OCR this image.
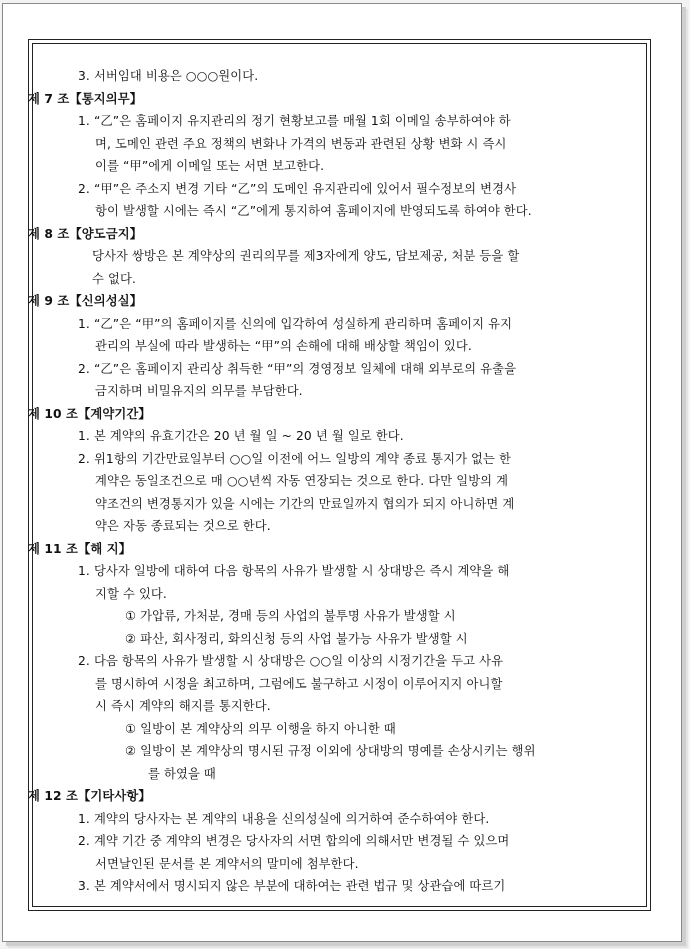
3. 서버임대 비용은 ○○○원이다.
제 7 조【통지의무】
1. “乙”은 홈페이지 유지관리의 정기 현황보고를 매월 1회 이메일 송부하여야 하
며, 도메인 관련 주요 정책의 변화나 가격의 변동과 관련된 상황 변화 시 즉시
이를 “甲”에게 이메일 또는 서면 보고한다.
2. “甲”은 주소지 변경 기타 “乙”의 도메인 유지관리에 있어서 필수정보의 변경사
항이 발생할 시에는 즉시 “乙”에게 통지하여 홈페이지에 반영되도록 하여야 한다.
제 8 조【양도금지】
당사자 쌍방은 본 계약상의 권리의무를 제3자에게 양도, 담보제공, 처분 등을 할
수 없다.
제 9 조【신의성실】
1. “乙”은 “甲”의 홈페이지를 신의에 입각하여 성실하게 관리하며 홈페이지 유지
관리의 부실에 따라 발생하는 “甲”의 손해에 대해 배상할 책임이 있다.
2. “乙”은 홈페이지 관리상 취득한 “甲”의 경영정보 일체에 대해 외부로의 유출을
금지하며 비밀유지의 의무를 부담한다.
제 10 조【계약기간】
1. 본 계약의 유효기간은 20 년 월 일 ~ 20 년 월 일로 한다.
2. 위1항의 기간만료일부터 ○○일 이전에 어느 일방의 계약 종료 통지가 없는 한
계약은 동일조건으로 매 ○○년씩 자동 연장되는 것으로 한다. 다만 일방의 계
약조건의 변경통지가 있을 시에는 기간의 만료일까지 협의가 되지 아니하면 계
약은 자동 종료되는 것으로 한다.
제 11 조【해 지】
1. 당사자 일방에 대하여 다음 항목의 사유가 발생할 시 상대방은 즉시 계약을 해
지할 수 있다.
① 가압류, 가처분, 경매 등의 사업의 불투명 사유가 발생할 시
② 파산, 회사정리, 화의신청 등의 사업 불가능 사유가 발생할 시
2. 다음 항목의 사유가 발생할 시 상대방은 ○○일 이상의 시정기간을 두고 사유
를 명시하여 시정을 최고하며, 그럼에도 불구하고 시정이 이루어지지 아니할
시 즉시 계약의 해지를 통지한다.
① 일방이 본 계약상의 의무 이행을 하지 아니한 때
② 일방이 본 계약상의 명시된 규정 이외에 상대방의 명예를 손상시키는 행위
를 하였을 때
제 12 조【기타사항】
1. 계약의 당사자는 본 계약의 내용을 신의성실에 의거하여 준수하여야 한다.
2. 계약 기간 중 계약의 변경은 당사자의 서면 합의에 의해서만 변경될 수 있으며
서면날인된 문서를 본 계약서의 말미에 첨부한다.
3. 본 계약서에서 명시되지 않은 부분에 대하여는 관련 법규 및 상관습에 따르기
